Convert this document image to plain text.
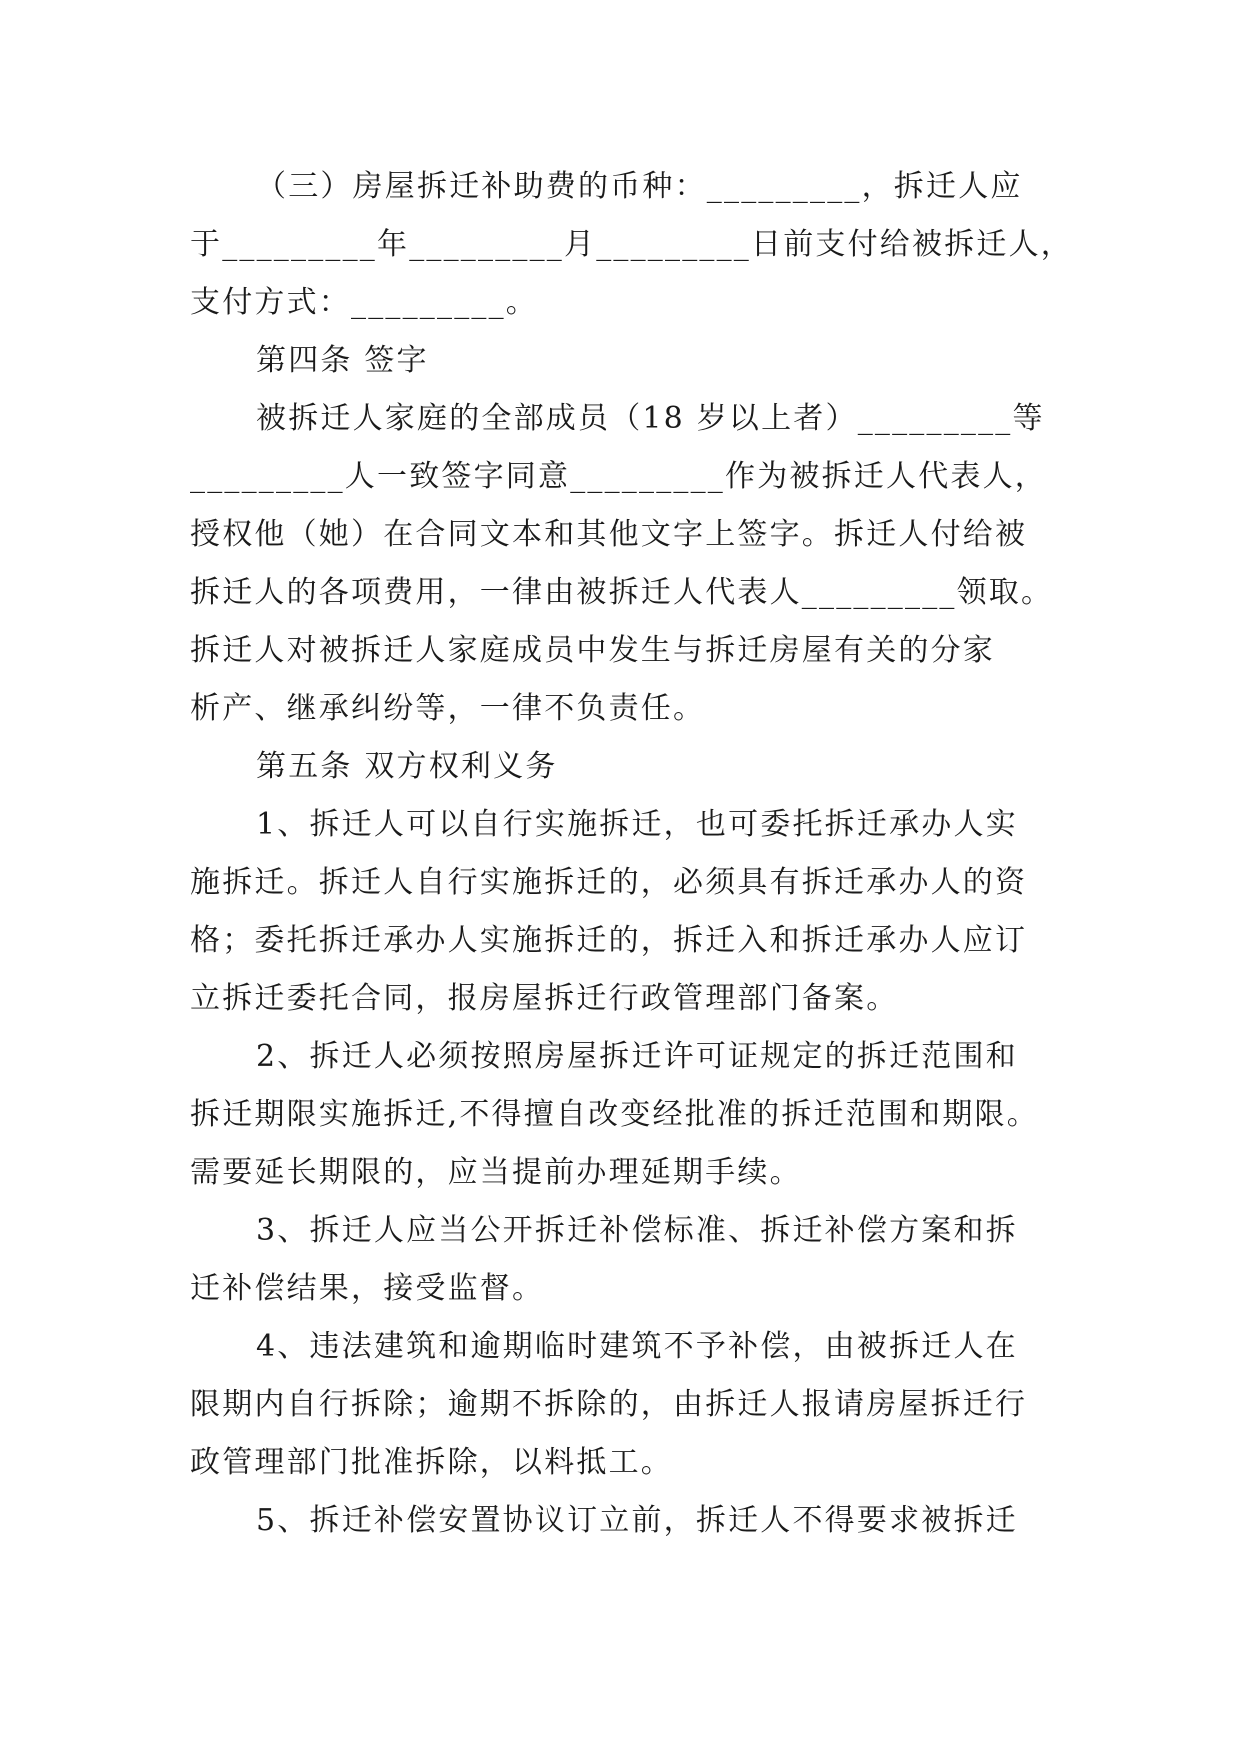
（三）房屋拆迁补助费的币种：_________，拆迁人应
于_________年_________月_________日前支付给被拆迁人，
支付方式：_________。
第四条 签字
被拆迁人家庭的全部成员（18 岁以上者）_________等
_________人一致签字同意_________作为被拆迁人代表人，
授权他（她）在合同文本和其他文字上签字。拆迁人付给被
拆迁人的各项费用，一律由被拆迁人代表人_________领取。
拆迁人对被拆迁人家庭成员中发生与拆迁房屋有关的分家
析产、继承纠纷等，一律不负责任。
第五条 双方权利义务
1、拆迁人可以自行实施拆迁，也可委托拆迁承办人实
施拆迁。拆迁人自行实施拆迁的，必须具有拆迁承办人的资
格；委托拆迁承办人实施拆迁的，拆迁入和拆迁承办人应订
立拆迁委托合同，报房屋拆迁行政管理部门备案。
2、拆迁人必须按照房屋拆迁许可证规定的拆迁范围和
拆迁期限实施拆迁,不得擅自改变经批准的拆迁范围和期限。
需要延长期限的，应当提前办理延期手续。
3、拆迁人应当公开拆迁补偿标准、拆迁补偿方案和拆
迁补偿结果，接受监督。
4、违法建筑和逾期临时建筑不予补偿，由被拆迁人在
限期内自行拆除；逾期不拆除的，由拆迁人报请房屋拆迁行
政管理部门批准拆除，以料抵工。
5、拆迁补偿安置协议订立前，拆迁人不得要求被拆迁
